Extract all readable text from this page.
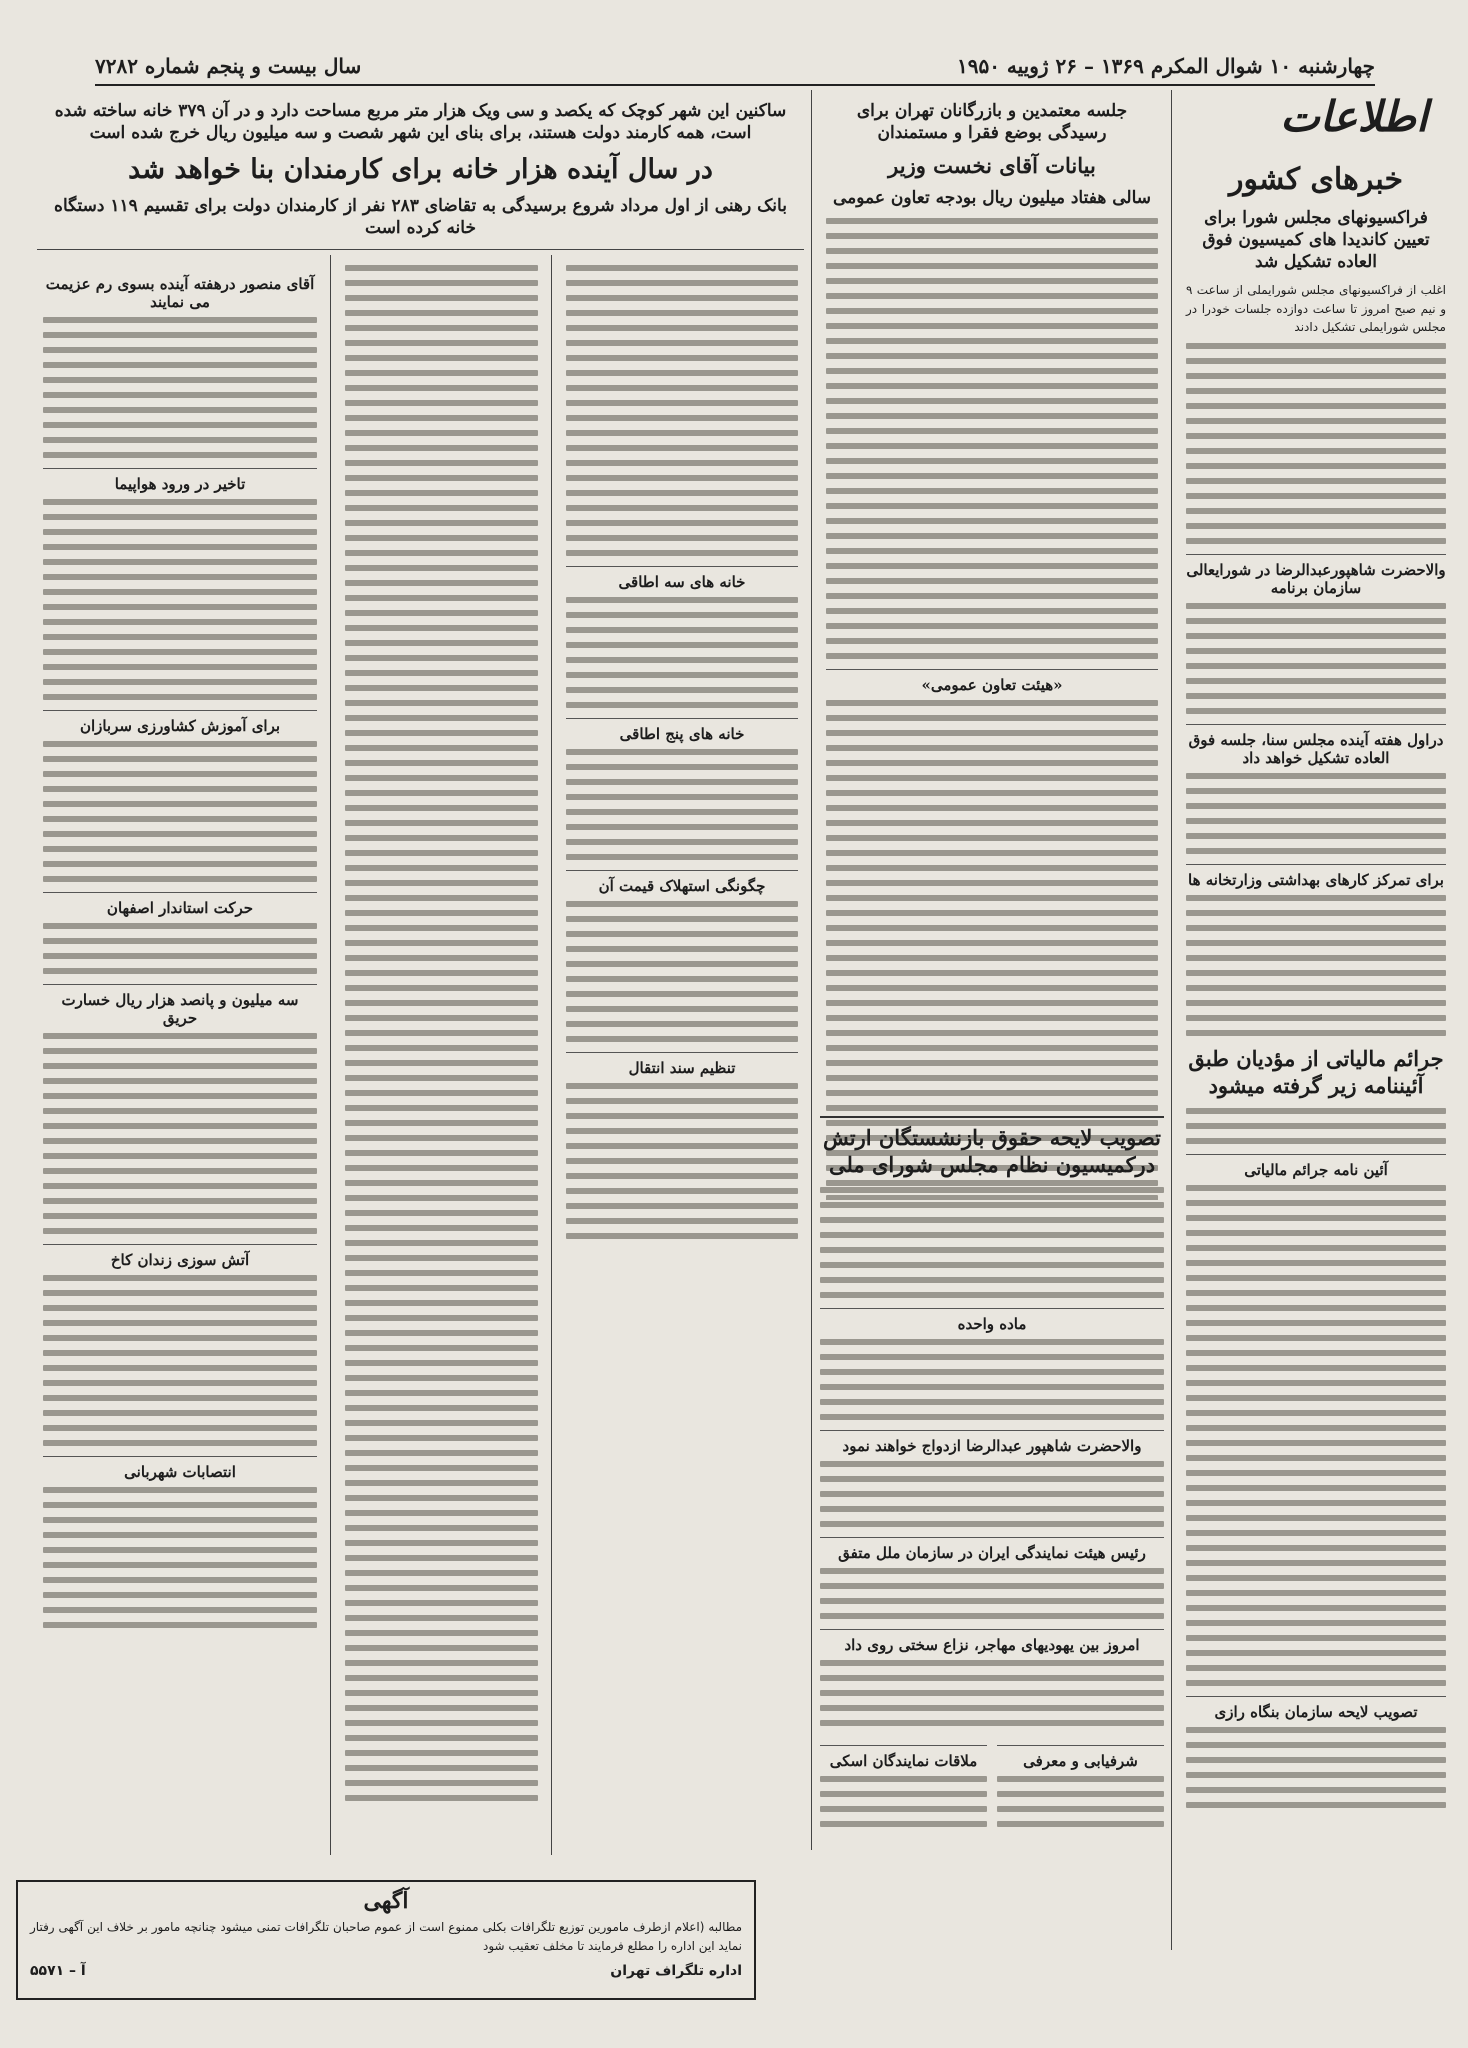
چهارشنبه ۱۰ شوال المکرم ۱۳۶۹ – ۲۶ ژوییه ۱۹۵۰
سال بیست و پنجم شماره ۷۲۸۲
اطلاعات
خبرهای کشور
فراکسیونهای مجلس شورا برای تعیین کاندیدا های کمیسیون فوق العاده تشکیل شد

اغلب از فراکسیونهای مجلس شورایملی از ساعت ۹ و نیم صبح امروز تا ساعت دوازده جلسات خودرا در مجلس شورایملی تشکیل دادند

والاحضرت شاهپورعبدالرضا در شورایعالی سازمان برنامه
دراول هفته آینده مجلس سنا، جلسه فوق العاده تشکیل خواهد داد
برای تمرکز کارهای بهداشتی وزارتخانه ها
جرائم مالیاتی از مؤدیان طبق آئیننامه زیر گرفته میشود
آئین نامه جرائم مالیاتی
تصویب لایحه سازمان بنگاه رازی
جلسه معتمدین و بازرگانان تهران برای رسیدگی بوضع فقرا و مستمندان
بیانات آقای نخست وزیر
سالی هفتاد میلیون ریال بودجه تعاون عمومی
«هیئت تعاون عمومی»
تصویب لایحه حقوق بازنشستگان ارتش درکمیسیون نظام مجلس شورای ملی
ماده واحده
والاحضرت شاهپور عبدالرضا ازدواج خواهند نمود
رئیس هیئت نمایندگی ایران در سازمان ملل متفق
امروز بین یهودیهای مهاجر، نزاع سختی روی داد
شرفیابی و معرفی
ملاقات نمایندگان اسکی
ساکنین این شهر کوچک که یکصد و سی ویک هزار متر مربع مساحت دارد و در آن ۳۷۹ خانه ساخته شده است، همه کارمند دولت هستند، برای بنای این شهر شصت و سه میلیون ریال خرج شده است
در سال آینده هزار خانه برای کارمندان بنا خواهد شد
بانک رهنی از اول مرداد شروع برسیدگی به تقاضای ۲۸۳ نفر از کارمندان دولت برای تقسیم ۱۱۹ دستگاه خانه کرده است
خانه های سه اطاقی
خانه های پنج اطاقی
چگونگی استهلاک قیمت آن
تنظیم سند انتقال
آقای منصور درهفته آینده بسوی رم عزیمت می نمایند
تاخیر در ورود هواپیما
برای آموزش کشاورزی سربازان
حرکت استاندار اصفهان
سه میلیون و پانصد هزار ریال خسارت حریق
آتش سوزی زندان کاخ
انتصابات شهربانی
آگهی

مطالبه (اعلام ازطرف مامورین توزیع تلگرافات بکلی ممنوع است از عموم صاحبان تلگرافات تمنی میشود چنانچه مامور بر خلاف این آگهی رفتار نماید این اداره را مطلع فرمایند تا مخلف تعقیب شود

اداره تلگراف تهران
آ – ۵۵۷۱
